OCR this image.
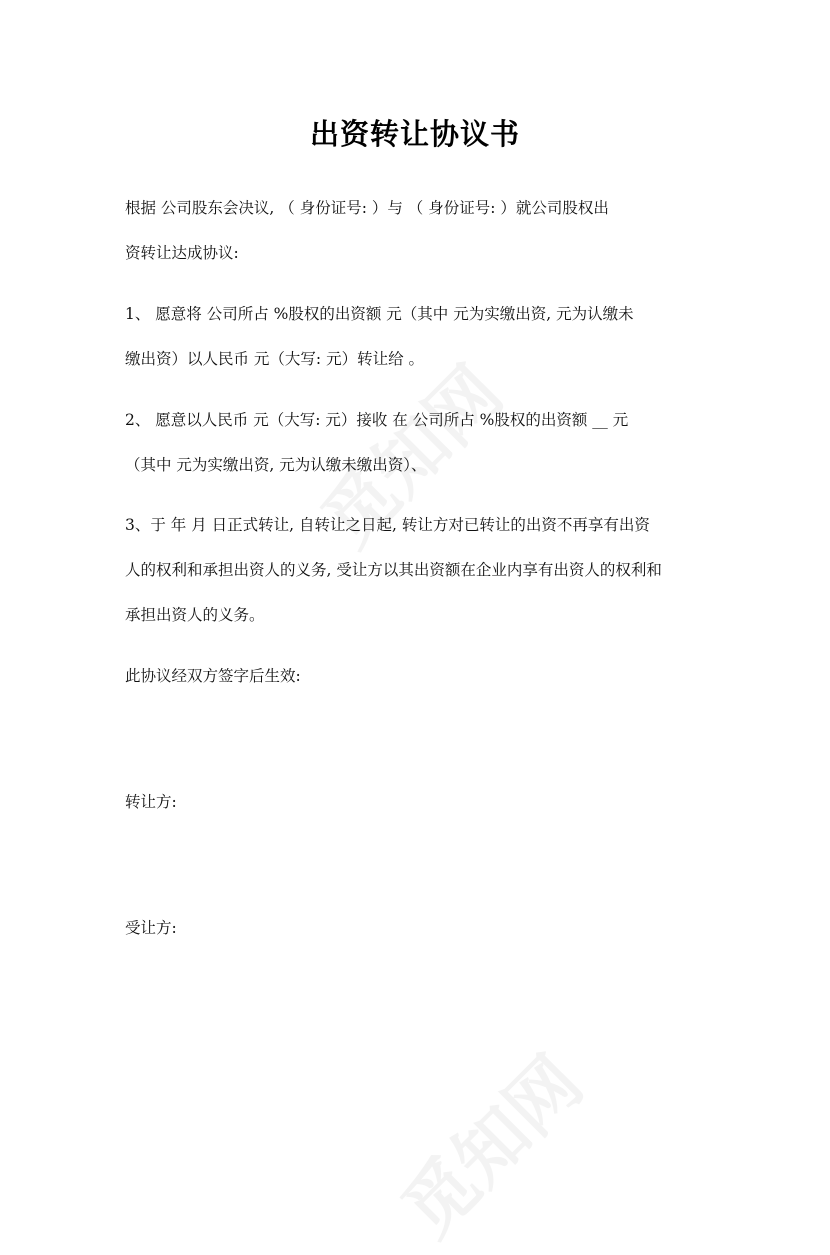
出资转让协议书
根据 公司股东会决议, （ 身份证号: ）与 （ 身份证号: ）就公司股权出
资转让达成协议:
1、 愿意将 公司所占 %股权的出资额 元（其中 元为实缴出资, 元为认缴未
缴出资）以人民币 元（大写: 元）转让给 。
2、 愿意以人民币 元（大写: 元）接收 在 公司所占 %股权的出资额 __ 元
（其中 元为实缴出资, 元为认缴未缴出资）、
3、于 年 月 日正式转让, 自转让之日起, 转让方对已转让的出资不再享有出资
人的权利和承担出资人的义务, 受让方以其出资额在企业内享有出资人的权利和
承担出资人的义务。
此协议经双方签字后生效:
转让方:
受让方:
